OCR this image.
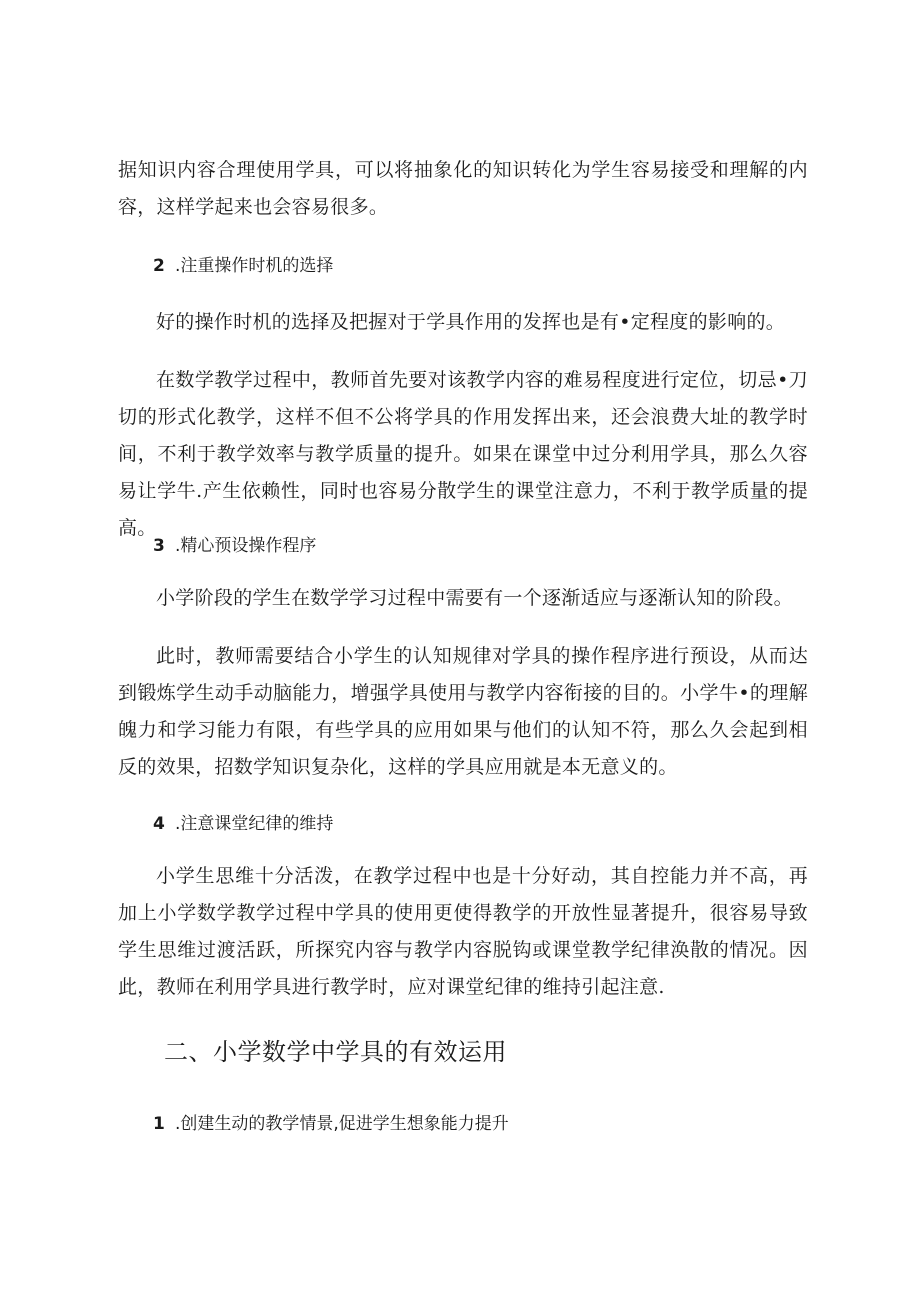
据知识内容合理使用学具，可以将抽象化的知识转化为学生容易接受和理解的内容，这样学起来也会容易很多。

2 .注重操作时机的选择

好的操作时机的选择及把握对于学具作用的发挥也是有•定程度的影响的。

在数学教学过程中，教师首先要对该教学内容的难易程度进行定位，切忌•刀切的形式化教学，这样不但不公将学具的作用发挥出来，还会浪费大址的教学时间，不利于教学效率与教学质量的提升。如果在课堂中过分利用学具，那么久容易让学牛.产生依赖性，同时也容易分散学生的课堂注意力，不利于教学质量的提高。

3 .精心预设操作程序

小学阶段的学生在数学学习过程中需要有一个逐渐适应与逐渐认知的阶段。

此时，教师需要结合小学生的认知规律对学具的操作程序进行预设，从而达到锻炼学生动手动脑能力，增强学具使用与教学内容衔接的目的。小学牛•的理解魄力和学习能力有限，有些学具的应用如果与他们的认知不符，那么久会起到相反的效果，招数学知识复杂化，这样的学具应用就是本无意义的。

4 .注意课堂纪律的维持

小学生思维十分活泼，在教学过程中也是十分好动，其自控能力并不高，再加上小学数学教学过程中学具的使用更使得教学的开放性显著提升，很容易导致学生思维过渡活跃，所探究内容与教学内容脱钩或课堂教学纪律涣散的情况。因此，教师在利用学具进行教学时，应对课堂纪律的维持引起注意.

二、小学数学中学具的有效运用
1 .创建生动的教学情景,促进学生想象能力提升
